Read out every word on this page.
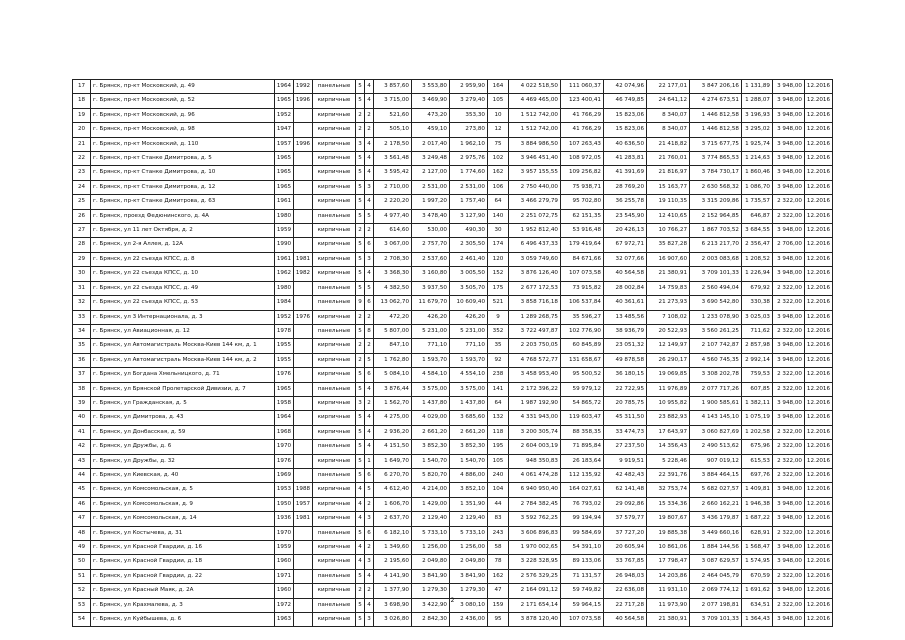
17	г. Брянск, пр-кт Московский, д. 49	1964	1992	панельные	5	4	3 857,60	3 553,80	2 959,90	164	4 022 518,50	111 060,37	42 074,96	22 177,01	3 847 206,16	1 131,89	3 948,00	12.2016
18	г. Брянск, пр-кт Московский, д. 52	1965	1996	кирпичные	5	4	3 715,00	3 469,90	3 279,40	105	4 469 465,00	123 400,41	46 749,85	24 641,12	4 274 673,51	1 288,07	3 948,00	12.2016
19	г. Брянск, пр-кт Московский, д. 96	1952		кирпичные	2	2	521,60	473,20	353,30	10	1 512 742,00	41 766,29	15 823,06	8 340,07	1 446 812,58	3 196,93	3 948,00	12.2016
20	г. Брянск, пр-кт Московский, д. 98	1947		кирпичные	2	2	505,10	459,10	273,80	12	1 512 742,00	41 766,29	15 823,06	8 340,07	1 446 812,58	3 295,02	3 948,00	12.2016
21	г. Брянск, пр-кт Московский, д. 110	1957	1996	кирпичные	3	4	2 178,50	2 017,40	1 962,10	75	3 884 986,50	107 263,43	40 636,50	21 418,82	3 715 677,75	1 925,74	3 948,00	12.2016
22	г. Брянск, пр-кт Станке Димитрова, д. 5	1965		кирпичные	5	4	3 561,48	3 249,48	2 975,76	102	3 946 451,40	108 972,05	41 283,81	21 760,01	3 774 865,53	1 214,63	3 948,00	12.2016
23	г. Брянск, пр-кт Станке Димитрова, д. 10	1965		кирпичные	5	4	3 595,42	2 127,00	1 774,60	162	3 957 155,55	109 256,82	41 391,69	21 816,97	3 784 730,17	1 860,46	3 948,00	12.2016
24	г. Брянск, пр-кт Станке Димитрова, д. 12	1965		кирпичные	5	3	2 710,00	2 531,00	2 531,00	106	2 750 440,00	75 938,71	28 769,20	15 163,77	2 630 568,32	1 086,70	3 948,00	12.2016
25	г. Брянск, пр-кт Станке Димитрова, д. 63	1961		кирпичные	5	4	2 220,20	1 997,20	1 757,40	64	3 466 279,79	95 702,80	36 255,78	19 110,35	3 315 209,86	1 735,57	2 322,00	12.2016
26	г. Брянск, проезд Федюнинского, д. 4А	1980		панельные	5	5	4 977,40	3 478,40	3 127,90	140	2 251 072,75	62 151,35	23 545,90	12 410,65	2 152 964,85	646,87	2 322,00	12.2016
27	г. Брянск, ул 11 лет Октября, д. 2	1959		кирпичные	2	2	614,60	530,00	490,30	30	1 952 812,40	53 916,48	20 426,13	10 766,27	1 867 703,52	3 684,55	3 948,00	12.2016
28	г. Брянск, ул 2-я Аллея, д. 12А	1990		кирпичные	5	6	3 067,00	2 757,70	2 305,50	174	6 496 437,33	179 419,64	67 972,71	35 827,28	6 213 217,70	2 356,47	2 706,00	12.2016
29	г. Брянск, ул 22 съезда КПСС, д. 8	1961	1981	кирпичные	5	3	2 708,30	2 537,60	2 461,40	120	3 059 749,60	84 671,66	32 077,66	16 907,60	2 003 083,68	1 208,52	3 948,00	12.2016
30	г. Брянск, ул 22 съезда КПСС, д. 10	1962	1982	кирпичные	5	4	3 368,30	3 160,80	3 005,50	152	3 876 126,40	107 073,58	40 564,58	21 380,91	3 709 101,33	1 226,94	3 948,00	12.2016
31	г. Брянск, ул 22 съезда КПСС, д. 49	1980		панельные	5	5	4 382,50	3 937,50	3 505,70	175	2 677 172,53	73 915,82	28 002,84	14 759,83	2 560 494,04	679,92	2 322,00	12.2016
32	г. Брянск, ул 22 съезда КПСС, д. 53	1984		панельные	9	6	13 062,70	11 679,70	10 609,40	521	3 858 716,18	106 537,84	40 361,61	21 273,93	3 690 542,80	330,38	2 322,00	12.2016
33	г. Брянск, ул 3 Интернационала, д. 3	1952	1976	кирпичные	2	2	472,20	426,20	426,20	9	1 289 268,75	35 596,27	13 485,56	7 108,02	1 233 078,90	3 025,03	3 948,00	12.2016
34	г. Брянск, ул Авиационная, д. 12	1978		панельные	5	8	5 807,00	5 231,00	5 231,00	352	3 722 497,87	102 776,90	38 936,79	20 522,93	3 560 261,25	711,62	2 322,00	12.2016
35	г. Брянск, ул Автомагистраль Москва-Киев 144 км, д. 1	1955		кирпичные	2	2	847,10	771,10	771,10	35	2 203 750,05	60 845,89	23 051,32	12 149,97	2 107 742,87	2 857,98	3 948,00	12.2016
36	г. Брянск, ул Автомагистраль Москва-Киев 144 км, д. 2	1955		кирпичные	2	5	1 762,80	1 593,70	1 593,70	92	4 768 572,77	131 658,67	49 878,58	26 290,17	4 560 745,35	2 992,14	3 948,00	12.2016
37	г. Брянск, ул Богдана Хмельницкого, д. 71	1976		кирпичные	5	6	5 084,10	4 584,10	4 554,10	238	3 458 953,40	95 500,52	36 180,15	19 069,85	3 308 202,78	759,53	2 322,00	12.2016
38	г. Брянск, ул Брянской Пролетарской Дивизии, д. 7	1965		панельные	5	4	3 876,44	3 575,00	3 575,00	141	2 172 396,22	59 979,12	22 722,95	11 976,89	2 077 717,26	607,85	2 322,00	12.2016
39	г. Брянск, ул Гражданская, д. 5	1958		кирпичные	3	2	1 562,70	1 437,80	1 437,80	64	1 987 192,90	54 865,72	20 785,75	10 955,82	1 900 585,61	1 382,11	3 948,00	12.2016
40	г. Брянск, ул Димитрова, д. 43	1964		кирпичные	5	4	4 275,00	4 029,00	3 685,60	132	4 331 943,00	119 603,47	45 311,50	23 882,93	4 143 145,10	1 075,19	3 948,00	12.2016
41	г. Брянск, ул Донбасская, д. 59	1968		кирпичные	5	4	2 936,20	2 661,20	2 661,20	118	3 200 305,74	88 358,35	33 474,73	17 643,97	3 060 827,69	1 202,58	2 322,00	12.2016
42	г. Брянск, ул Дружбы, д. 6	1970		панельные	5	4	4 151,50	3 852,30	3 852,30	195	2 604 003,19	71 895,84	27 237,50	14 356,43	2 490 513,62	675,96	2 322,00	12.2016
43	г. Брянск, ул Дружбы, д. 32	1976		кирпичные	5	1	1 649,70	1 540,70	1 540,70	105	948 350,83	26 183,64	9 919,51	5 228,46	907 019,12	615,53	2 322,00	12.2016
44	г. Брянск, ул Киевская, д. 40	1969		панельные	5	6	6 270,70	5 820,70	4 886,00	240	4 061 474,28	112 135,92	42 482,43	22 391,76	3 884 464,15	697,76	2 322,00	12.2016
45	г. Брянск, ул Комсомольская, д. 5	1953	1988	кирпичные	4	5	4 612,40	4 214,00	3 852,10	104	6 940 950,40	164 027,61	62 141,48	32 753,74	5 682 027,57	1 409,81	3 948,00	12.2016
46	г. Брянск, ул Комсомольская, д. 9	1950	1957	кирпичные	4	2	1 606,70	1 429,00	1 351,90	44	2 784 382,45	76 793,02	29 092,86	15 334,36	2 660 162,21	1 946,38	3 948,00	12.2016
47	г. Брянск, ул Комсомольская, д. 14	1936	1981	кирпичные	4	3	2 637,70	2 129,40	2 129,40	83	3 592 762,25	99 194,94	37 579,77	19 807,67	3 436 179,87	1 687,22	3 948,00	12.2016
48	г. Брянск, ул Костычева, д. 31	1970		панельные	5	6	6 182,10	5 733,10	5 733,10	243	3 606 896,83	99 584,69	37 727,20	19 885,38	3 449 660,16	628,91	2 322,00	12.2016
49	г. Брянск, ул Красной Гвардии, д. 16	1959		кирпичные	4	2	1 349,60	1 256,00	1 256,00	58	1 970 002,65	54 391,10	20 605,94	10 861,06	1 884 144,56	1 568,47	3 948,00	12.2016
50	г. Брянск, ул Красной Гвардии, д. 18	1960		кирпичные	4	3	2 195,60	2 049,80	2 049,80	78	3 228 328,95	89 133,06	33 767,85	17 798,47	3 087 629,57	1 574,95	3 948,00	12.2016
51	г. Брянск, ул Красной Гвардии, д. 22	1971		панельные	5	4	4 141,90	3 841,90	3 841,90	162	2 576 329,25	71 131,57	26 948,03	14 203,86	2 464 045,79	670,59	2 322,00	12.2016
52	г. Брянск, ул Красный Маяк, д. 2А	1960		кирпичные	2	2	1 377,90	1 279,30	1 279,30	47	2 164 091,12	59 749,82	22 636,08	11 931,10	2 069 774,12	1 691,62	3 948,00	12.2016
53	г. Брянск, ул Крахмалева, д. 3	1972		панельные	5	4	3 698,90	3 422,90	3 080,10	159	2 171 654,14	59 964,15	22 717,28	11 973,90	2 077 198,81	634,51	2 322,00	12.2016
54	г. Брянск, ул Куйбышева, д. 6	1963		кирпичные	5	3	3 026,80	2 842,30	2 436,00	95	3 878 120,40	107 073,58	40 564,58	21 380,91	3 709 101,33	1 364,43	3 948,00	12.2016
2
